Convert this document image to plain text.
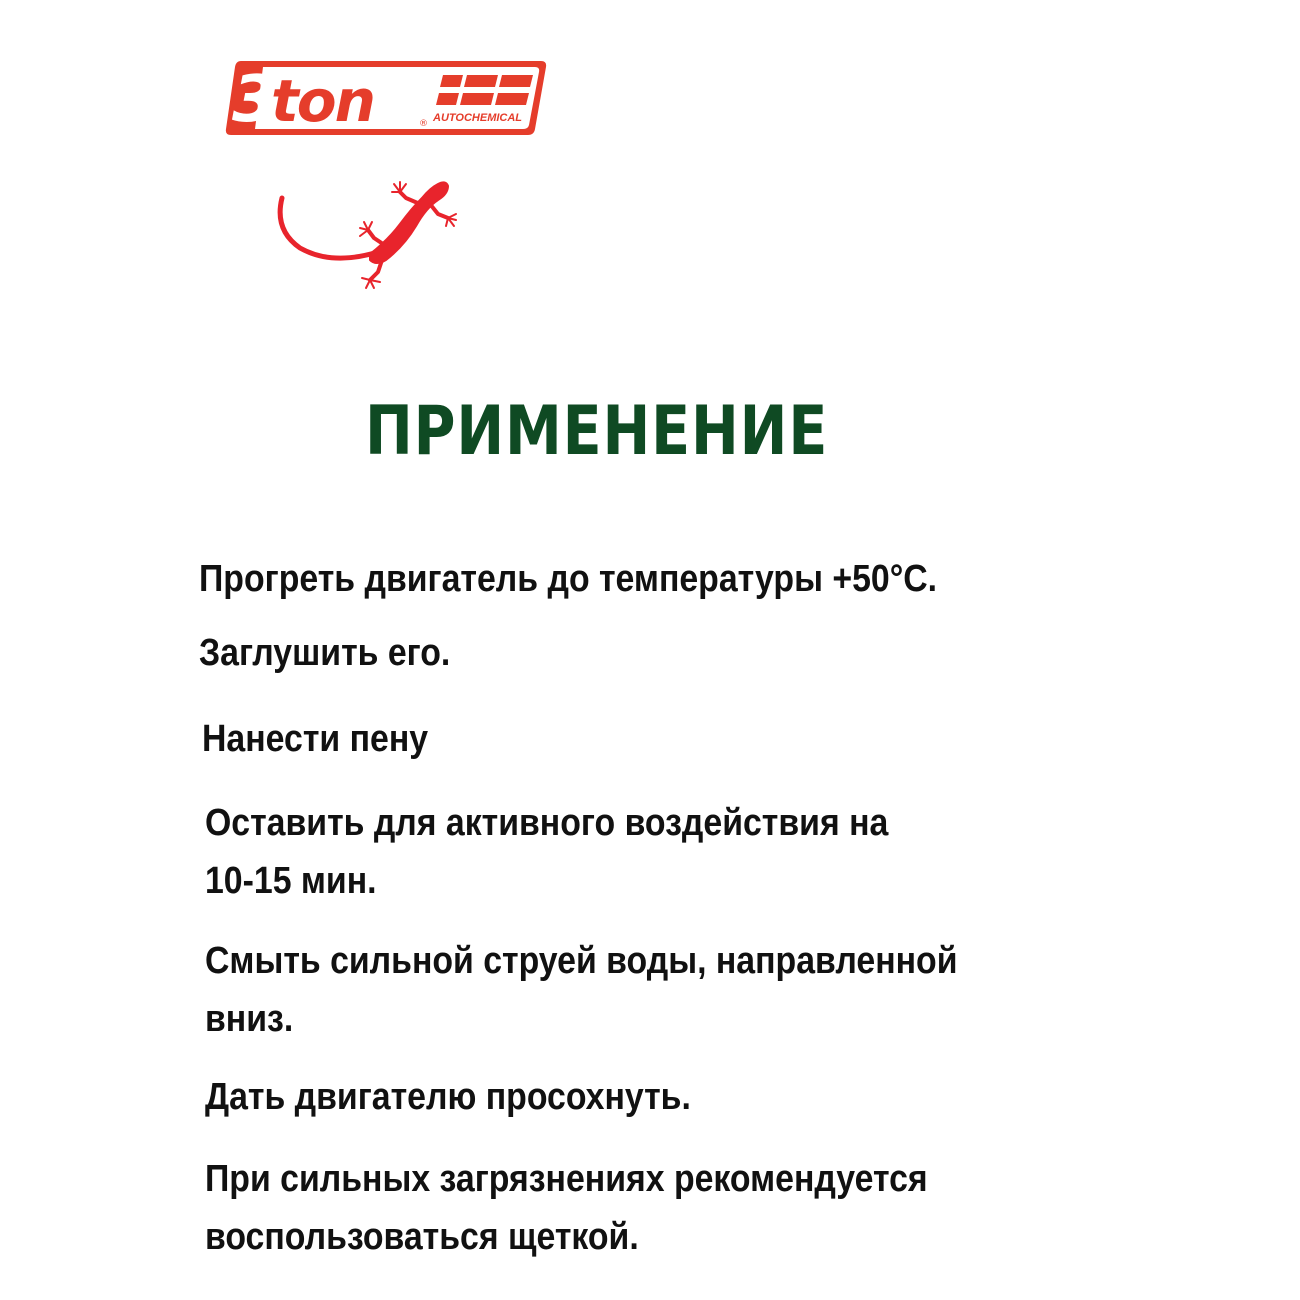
3
ton	® AUTOCHEMICAL
ПРИМЕНЕНИЕ

Прогреть двигатель до температуры +50°С.

Заглушить его.

Нанести пену

Оставить для активного воздействия на
10-15 мин.

Смыть сильной струей воды, направленной
вниз.

Дать двигателю просохнуть.

При сильных загрязнениях рекомендуется
воспользоваться щеткой.
